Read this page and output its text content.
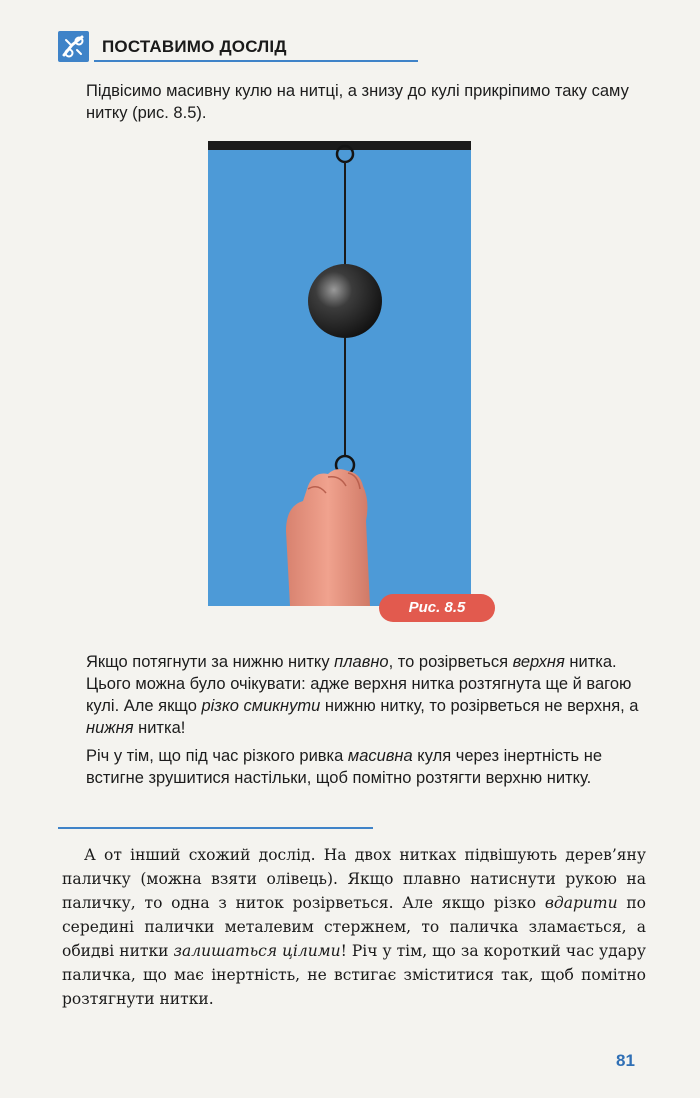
ПОСТАВИМО ДОСЛІД

Підвісимо масивну кулю на нитці, а знизу до кулі прикріпимо таку саму нитку (рис. 8.5).

Рис. 8.5

Якщо потягнути за нижню нитку плавно, то розірветься верхня нитка. Цього можна було очікувати: адже верхня нитка розтягнута ще й вагою кулі. Але якщо різко смикнути нижню нитку, то розірветься не верхня, а нижня нитка!

Річ у тім, що під час різкого ривка масивна куля через інертність не встигне зрушитися настільки, щоб помітно розтягти верхню нитку.

А от інший схожий дослід. На двох нитках підвішують дерев’яну паличку (можна взяти олівець). Якщо плавно натиснути рукою на паличку, то одна з ниток розірветься. Але якщо різко вдарити по середині палички металевим стержнем, то паличка зламається, а обидві нитки залишаться цілими! Річ у тім, що за короткий час удару паличка, що має інертність, не встигає зміститися так, щоб помітно розтягнути нитки.

81
